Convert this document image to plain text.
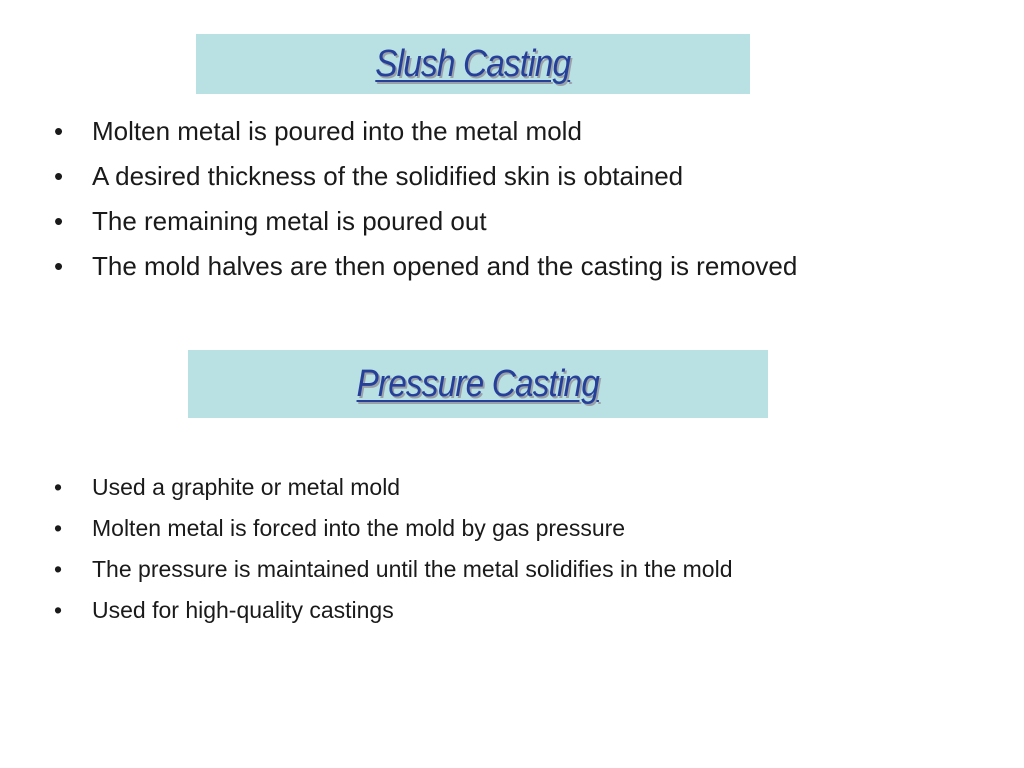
Slush Casting
• Molten metal is poured into the metal mold
• A desired thickness of the solidified skin is obtained
• The remaining metal is poured out
• The mold halves are then opened and the casting is removed
Pressure Casting
• Used a graphite or metal mold
• Molten metal is forced into the mold by gas pressure
• The pressure is maintained until the metal solidifies in the mold
• Used for high-quality castings
